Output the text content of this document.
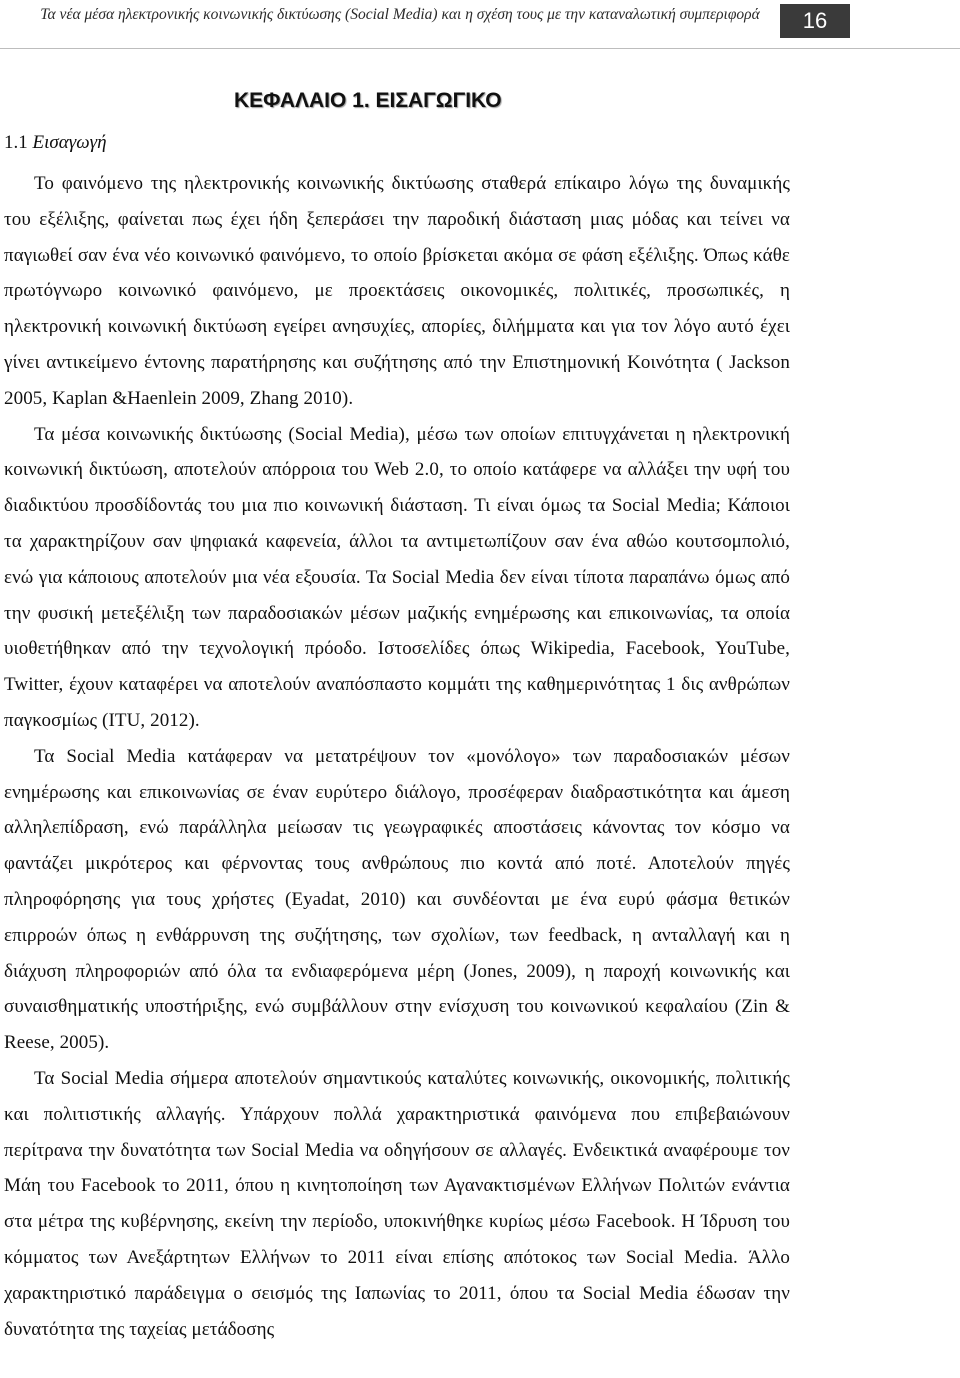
Τα νέα μέσα ηλεκτρονικής κοινωνικής δικτύωσης (Social Media) και η σχέση τους με την καταναλωτική συμπεριφορά	16
ΚΕΦΑΛΑΙΟ 1. ΕΙΣΑΓΩΓΙΚΟ
1.1 Εισαγωγή

Το φαινόμενο της ηλεκτρονικής κοινωνικής δικτύωσης σταθερά επίκαιρο λόγω της δυναμικής του εξέλιξης, φαίνεται πως έχει ήδη ξεπεράσει την παροδική διάσταση μιας μόδας και τείνει να παγιωθεί σαν ένα νέο κοινωνικό φαινόμενο, το οποίο βρίσκεται ακόμα σε φάση εξέλιξης. Όπως κάθε πρωτόγνωρο κοινωνικό φαινόμενο, με προεκτάσεις οικονομικές, πολιτικές, προσωπικές, η ηλεκτρονική κοινωνική δικτύωση εγείρει ανησυχίες, απορίες, διλήμματα και για τον λόγο αυτό έχει γίνει αντικείμενο έντονης παρατήρησης και συζήτησης από την Επιστημονική Κοινότητα ( Jackson 2005, Kaplan &Haenlein 2009, Zhang 2010).

Τα μέσα κοινωνικής δικτύωσης (Social Media), μέσω των οποίων επιτυγχάνεται η ηλεκτρονική κοινωνική δικτύωση, αποτελούν απόρροια του Web 2.0, το οποίο κατάφερε να αλλάξει την υφή του διαδικτύου προσδίδοντάς του μια πιο κοινωνική διάσταση. Τι είναι όμως τα Social Media; Κάποιοι τα χαρακτηρίζουν σαν ψηφιακά καφενεία, άλλοι τα αντιμετωπίζουν σαν ένα αθώο κουτσομπολιό, ενώ για κάποιους αποτελούν μια νέα εξουσία. Τα Social Media δεν είναι τίποτα παραπάνω όμως από την φυσική μετεξέλιξη των παραδοσιακών μέσων μαζικής ενημέρωσης και επικοινωνίας, τα οποία υιοθετήθηκαν από την τεχνολογική πρόοδο. Ιστοσελίδες όπως Wikipedia, Facebook, YouTube, Twitter, έχουν καταφέρει να αποτελούν αναπόσπαστο κομμάτι της καθημερινότητας 1 δις ανθρώπων παγκοσμίως (ITU, 2012).

Τα Social Media κατάφεραν να μετατρέψουν τον «μονόλογο» των παραδοσιακών μέσων ενημέρωσης και επικοινωνίας σε έναν ευρύτερο διάλογο, προσέφεραν διαδραστικότητα και άμεση αλληλεπίδραση, ενώ παράλληλα μείωσαν τις γεωγραφικές αποστάσεις κάνοντας τον κόσμο να φαντάζει μικρότερος και φέρνοντας τους ανθρώπους πιο κοντά από ποτέ. Αποτελούν πηγές πληροφόρησης για τους χρήστες (Eyadat, 2010) και συνδέονται με ένα ευρύ φάσμα θετικών επιρροών όπως η ενθάρρυνση της συζήτησης, των σχολίων, των feedback, η ανταλλαγή και η διάχυση πληροφοριών από όλα τα ενδιαφερόμενα μέρη (Jones, 2009), η παροχή κοινωνικής και συναισθηματικής υποστήριξης, ενώ συμβάλλουν στην ενίσχυση του κοινωνικού κεφαλαίου (Zin & Reese, 2005).

Τα Social Media σήμερα αποτελούν σημαντικούς καταλύτες κοινωνικής, οικονομικής, πολιτικής και πολιτιστικής αλλαγής. Υπάρχουν πολλά χαρακτηριστικά φαινόμενα που επιβεβαιώνουν περίτρανα την δυνατότητα των Social Media να οδηγήσουν σε αλλαγές. Ενδεικτικά αναφέρουμε τον Μάη του Facebook το 2011, όπου η κινητοποίηση των Αγανακτισμένων Ελλήνων Πολιτών ενάντια στα μέτρα της κυβέρνησης, εκείνη την περίοδο, υποκινήθηκε κυρίως μέσω Facebook. Η Ίδρυση του κόμματος των Ανεξάρτητων Ελλήνων το 2011 είναι επίσης απότοκος των Social Media. Άλλο χαρακτηριστικό παράδειγμα ο σεισμός της Ιαπωνίας το 2011, όπου τα Social Media έδωσαν την δυνατότητα της ταχείας μετάδοσης
